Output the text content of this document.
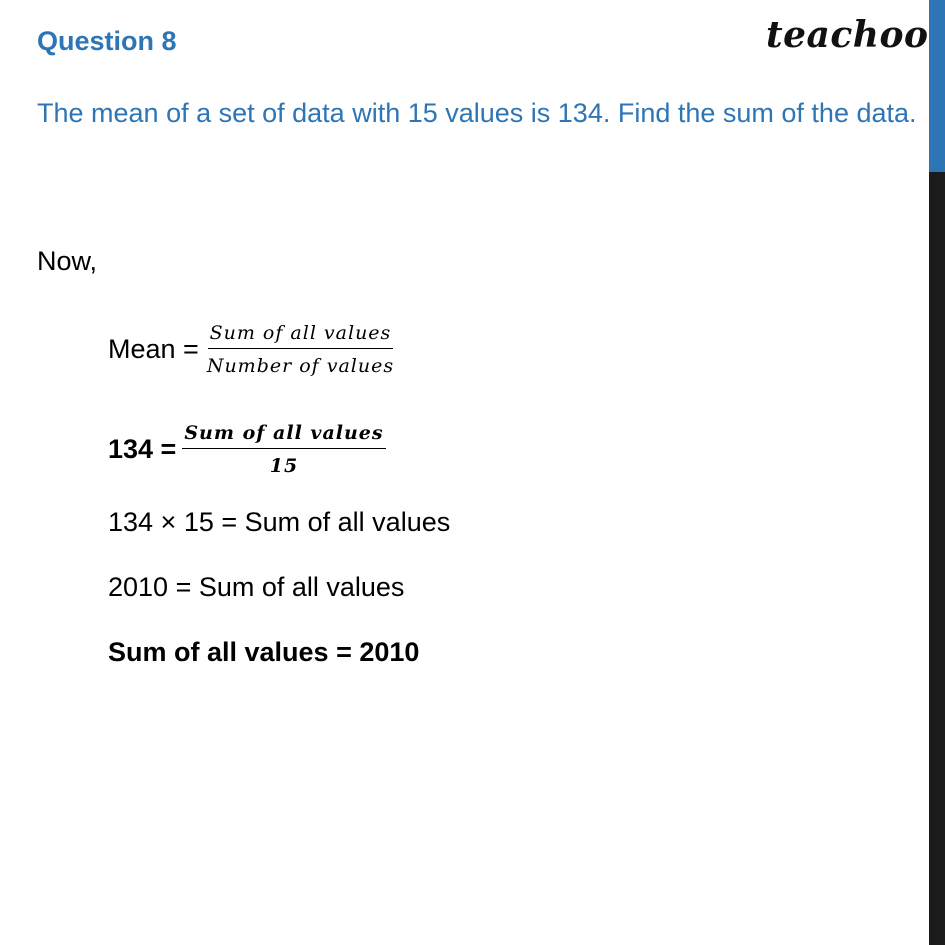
Question 8	teachoo
The mean of a set of data with 15 values is 134. Find the sum of the data.
Now,
Mean = $\frac{\text{Sum of all values}}{\text{Number of values}}$
$134 = \frac{\text{Sum of all values}}{15}$
134 × 15 = Sum of all values
2010 = Sum of all values
Sum of all values = 2010
